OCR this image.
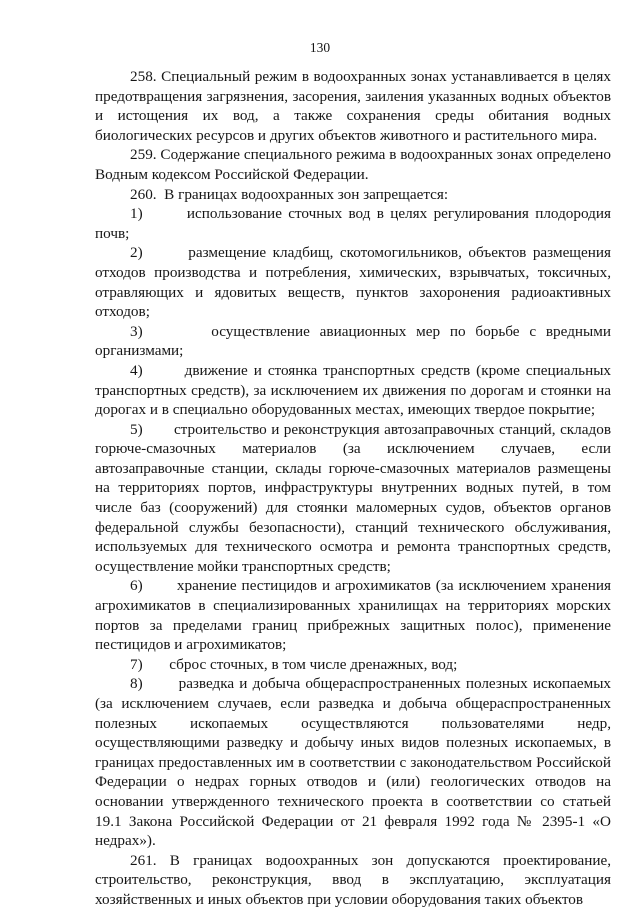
130

258. Специальный режим в водоохранных зонах устанавливается в целях предотвращения загрязнения, засорения, заиления указанных водных объектов и истощения их вод, а также сохранения среды обитания водных биологических ресурсов и других объектов животного и растительного мира.

259. Содержание специального режима в водоохранных зонах определено Водным кодексом Российской Федерации.

260.  В границах водоохранных зон запрещается:

1)       использование сточных вод в целях регулирования плодородия почв;

2)       размещение кладбищ, скотомогильников, объектов размещения отходов производства и потребления, химических, взрывчатых, токсичных, отравляющих и ядовитых веществ, пунктов захоронения радиоактивных отходов;

3)       осуществление авиационных мер по борьбе с вредными организмами;

4)       движение и стоянка транспортных средств (кроме специальных транспортных средств), за исключением их движения по дорогам и стоянки на дорогах и в специально оборудованных местах, имеющих твердое покрытие;

5)       строительство и реконструкция автозаправочных станций, складов горюче-смазочных материалов (за исключением случаев, если автозаправочные станции, склады горюче-смазочных материалов размещены на территориях портов, инфраструктуры внутренних водных путей, в том числе баз (сооружений) для стоянки маломерных судов, объектов органов федеральной службы безопасности), станций технического обслуживания, используемых для технического осмотра и ремонта транспортных средств, осуществление мойки транспортных средств;

6)       хранение пестицидов и агрохимикатов (за исключением хранения агрохимикатов в специализированных хранилищах на территориях морских портов за пределами границ прибрежных защитных полос), применение пестицидов и агрохимикатов;

7)       сброс сточных, в том числе дренажных, вод;

8)       разведка и добыча общераспространенных полезных ископаемых (за исключением случаев, если разведка и добыча общераспространенных полезных ископаемых осуществляются пользователями недр, осуществляющими разведку и добычу иных видов полезных ископаемых, в границах предоставленных им в соответствии с законодательством Российской Федерации о недрах горных отводов и (или) геологических отводов на основании утвержденного технического проекта в соответствии со статьей 19.1 Закона Российской Федерации от 21 февраля 1992 года № 2395-1 «О недрах»).

261. В границах водоохранных зон допускаются проектирование, строительство, реконструкция, ввод в эксплуатацию, эксплуатация хозяйственных и иных объектов при условии оборудования таких объектов
